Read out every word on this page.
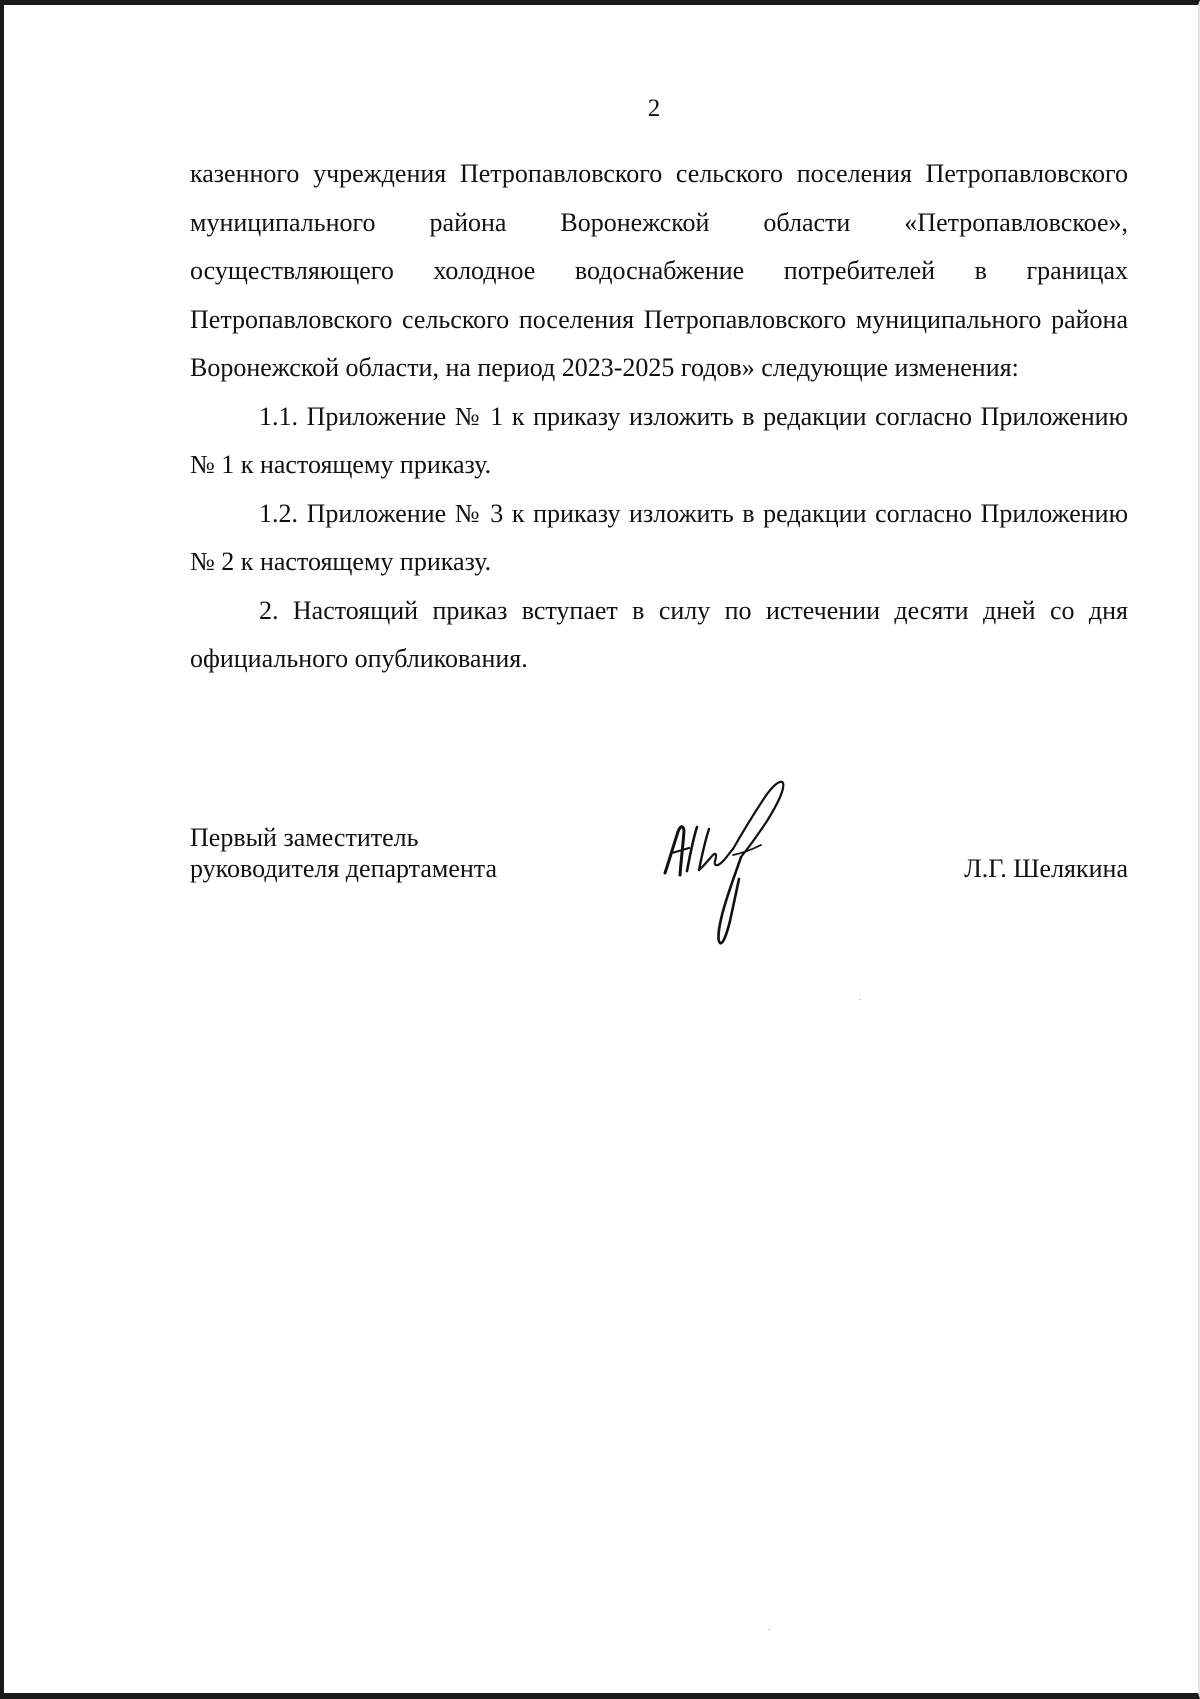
2

казенного учреждения Петропавловского сельского поселения Петропавловского муниципального района Воронежской области «Петропавловское», осуществляющего холодное водоснабжение потребителей в границах Петропавловского сельского поселения Петропавловского муниципального района Воронежской области, на период 2023-2025 годов» следующие изменения:

1.1. Приложение № 1 к приказу изложить в редакции согласно Приложению № 1 к настоящему приказу.

1.2. Приложение № 3 к приказу изложить в редакции согласно Приложению № 2 к настоящему приказу.

2. Настоящий приказ вступает в силу по истечении десяти дней со дня официального опубликования.

Первый заместитель
руководителя департамента	Л.Г. Шелякина
